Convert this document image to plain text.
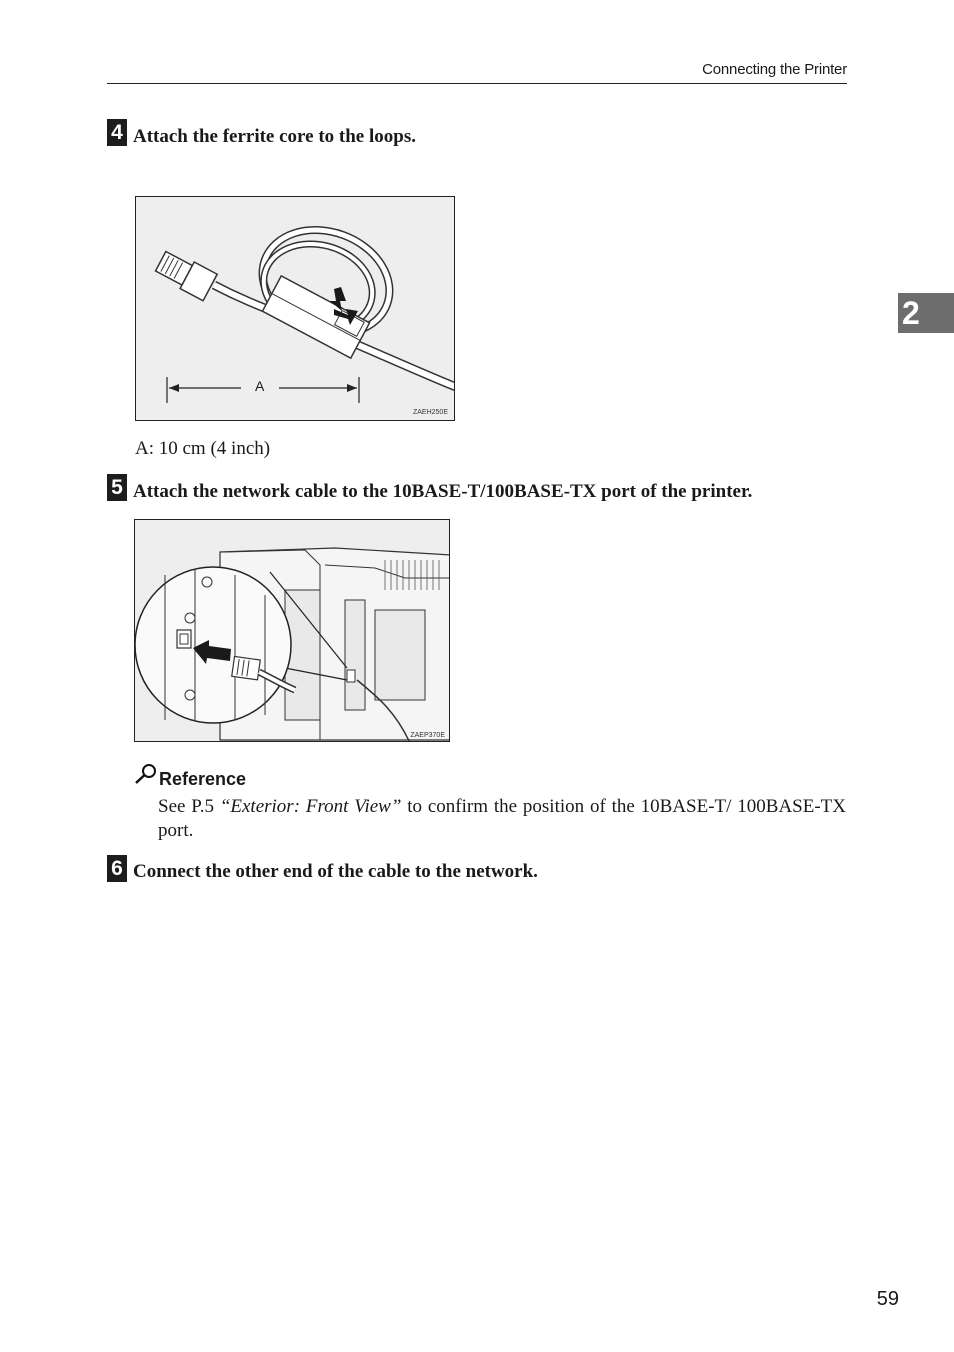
Connecting the Printer
2
4 Attach the ferrite core to the loops.
A
ZAEH250E
A: 10 cm (4 inch)
5 Attach the network cable to the 10BASE-T/100BASE-TX port of the printer.
ZAEP370E
Reference
See P.5 “Exterior: Front View” to confirm the position of the 10BASE-T/ 100BASE-TX port.
6 Connect the other end of the cable to the network.
59
